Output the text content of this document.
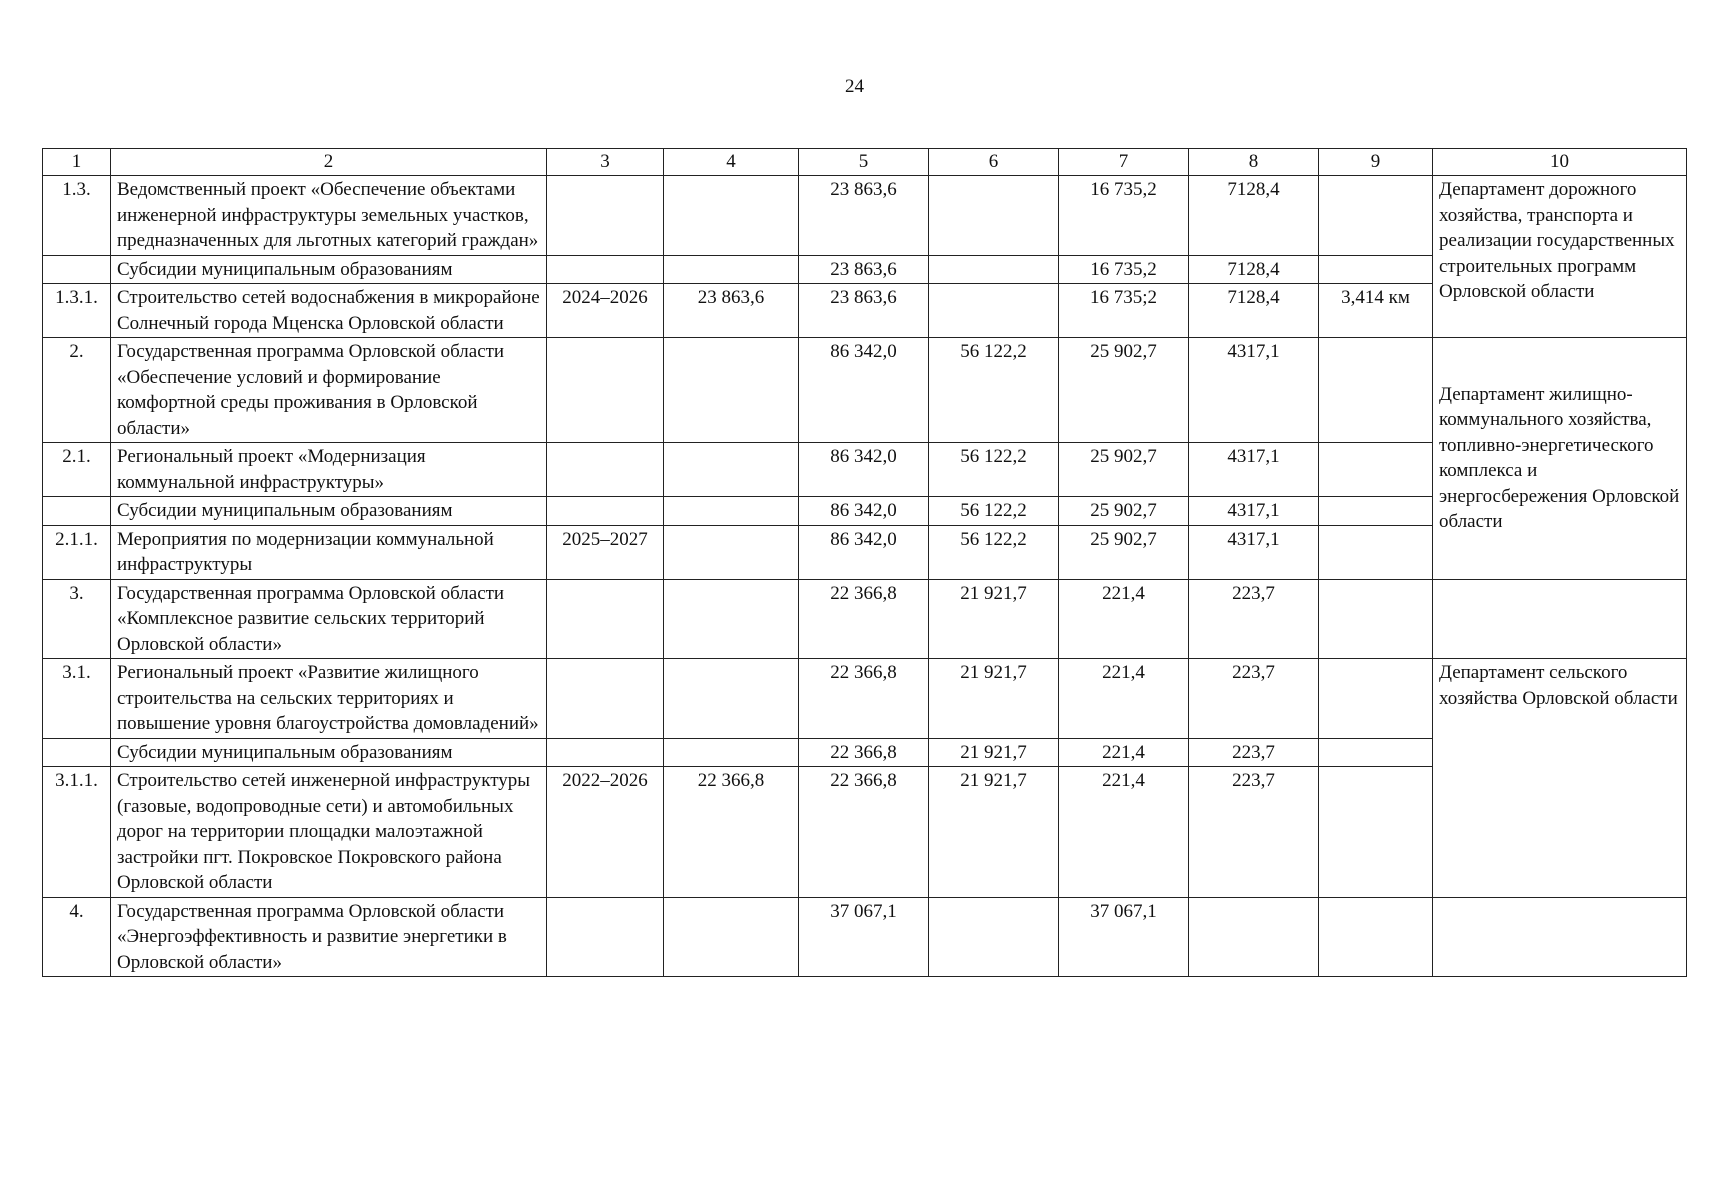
24
1	2	3	4	5	6	7	8	9	10
1.3.	Ведомственный проект «Обеспечение объектами инженерной инфраструктуры земельных участков, предназначенных для льготных категорий граждан»			23 863,6		16 735,2	7128,4		Департамент дорожного хозяйства, транспорта и реализации государственных строительных программ Орловской области
	Субсидии муниципальным образованиям			23 863,6		16 735,2	7128,4		
1.3.1.	Строительство сетей водоснабжения в микрорайоне Солнечный города Мценска Орловской области	2024–2026	23 863,6	23 863,6		16 735;2	7128,4	3,414 км	
2.	Государственная программа Орловской области «Обеспечение условий и формирование комфортной среды проживания в Орловской области»			86 342,0	56 122,2	25 902,7	4317,1		Департамент жилищно-коммунального хозяйства, топливно-энергетического комплекса и энергосбережения Орловской области
2.1.	Региональный проект «Модернизация коммунальной инфраструктуры»			86 342,0	56 122,2	25 902,7	4317,1		
	Субсидии муниципальным образованиям			86 342,0	56 122,2	25 902,7	4317,1		
2.1.1.	Мероприятия по модернизации коммунальной инфраструктуры	2025–2027		86 342,0	56 122,2	25 902,7	4317,1		
3.	Государственная программа Орловской области «Комплексное развитие сельских территорий Орловской области»			22 366,8	21 921,7	221,4	223,7		
3.1.	Региональный проект «Развитие жилищного строительства на сельских территориях и повышение уровня благоустройства домовладений»			22 366,8	21 921,7	221,4	223,7		Департамент сельского хозяйства Орловской области
	Субсидии муниципальным образованиям			22 366,8	21 921,7	221,4	223,7		
3.1.1.	Строительство сетей инженерной инфраструктуры (газовые, водопроводные сети) и автомобильных дорог на территории площадки малоэтажной застройки пгт. Покровское Покровского района Орловской области	2022–2026	22 366,8	22 366,8	21 921,7	221,4	223,7		
4.	Государственная программа Орловской области «Энергоэффективность и развитие энергетики в Орловской области»			37 067,1		37 067,1			
